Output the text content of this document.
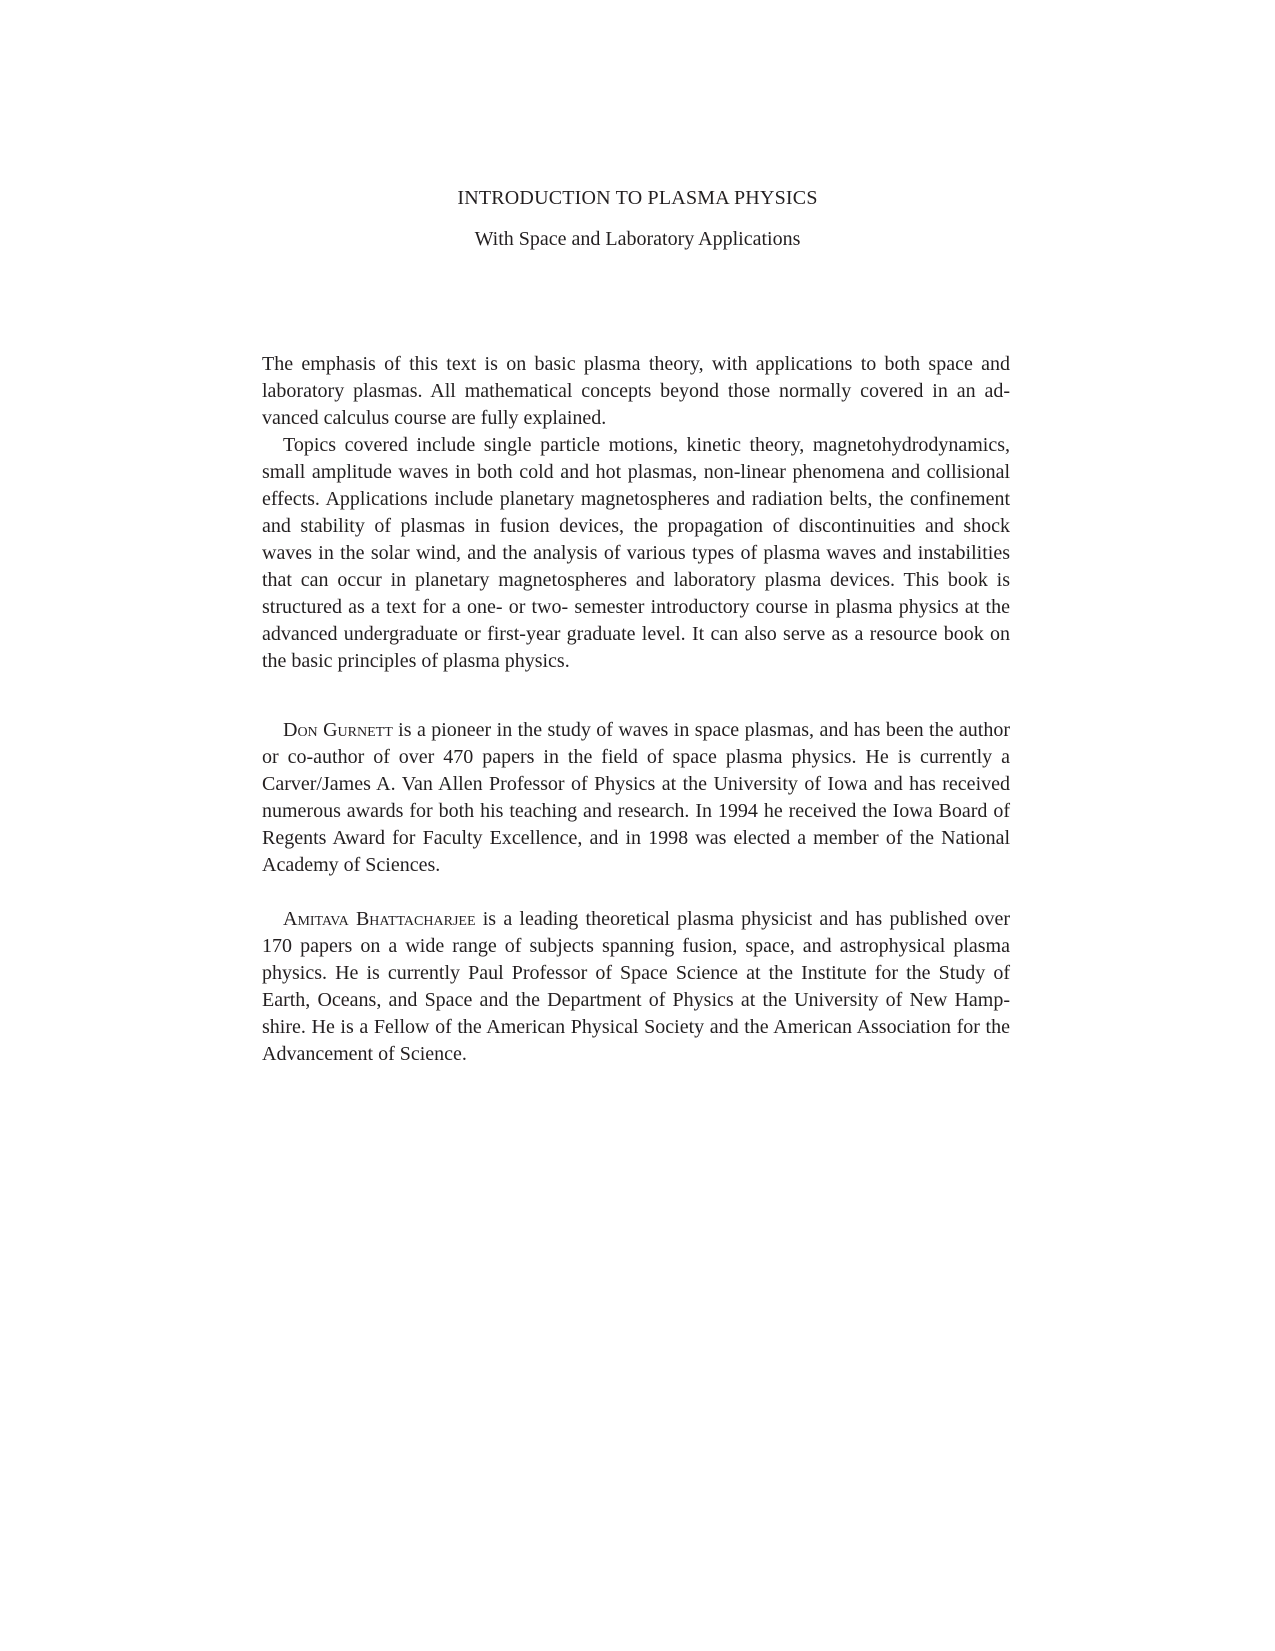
INTRODUCTION TO PLASMA PHYSICS
With Space and Laboratory Applications

The emphasis of this text is on basic plasma theory, with applications to both space and laboratory plasmas. All mathematical concepts beyond those normally covered in an advanced calculus course are fully explained.

Topics covered include single particle motions, kinetic theory, magnetohydrodynamics, small amplitude waves in both cold and hot plasmas, non-linear phenomena and collisional effects. Applications include planetary magnetospheres and radiation belts, the confinement and stability of plasmas in fusion devices, the propagation of discontinuities and shock waves in the solar wind, and the analysis of various types of plasma waves and instabilities that can occur in planetary magnetospheres and laboratory plasma devices. This book is structured as a text for a one- or two- semester introductory course in plasma physics at the advanced undergraduate or first-year graduate level. It can also serve as a resource book on the basic principles of plasma physics.

Don Gurnett is a pioneer in the study of waves in space plasmas, and has been the author or co-author of over 470 papers in the field of space plasma physics. He is currently a Carver/James A. Van Allen Professor of Physics at the University of Iowa and has received numerous awards for both his teaching and research. In 1994 he received the Iowa Board of Regents Award for Faculty Excellence, and in 1998 was elected a member of the National Academy of Sciences.

Amitava Bhattacharjee is a leading theoretical plasma physicist and has published over 170 papers on a wide range of subjects spanning fusion, space, and astrophysical plasma physics. He is currently Paul Professor of Space Science at the Institute for the Study of Earth, Oceans, and Space and the Department of Physics at the University of New Hampshire. He is a Fellow of the American Physical Society and the American Association for the Advancement of Science.
